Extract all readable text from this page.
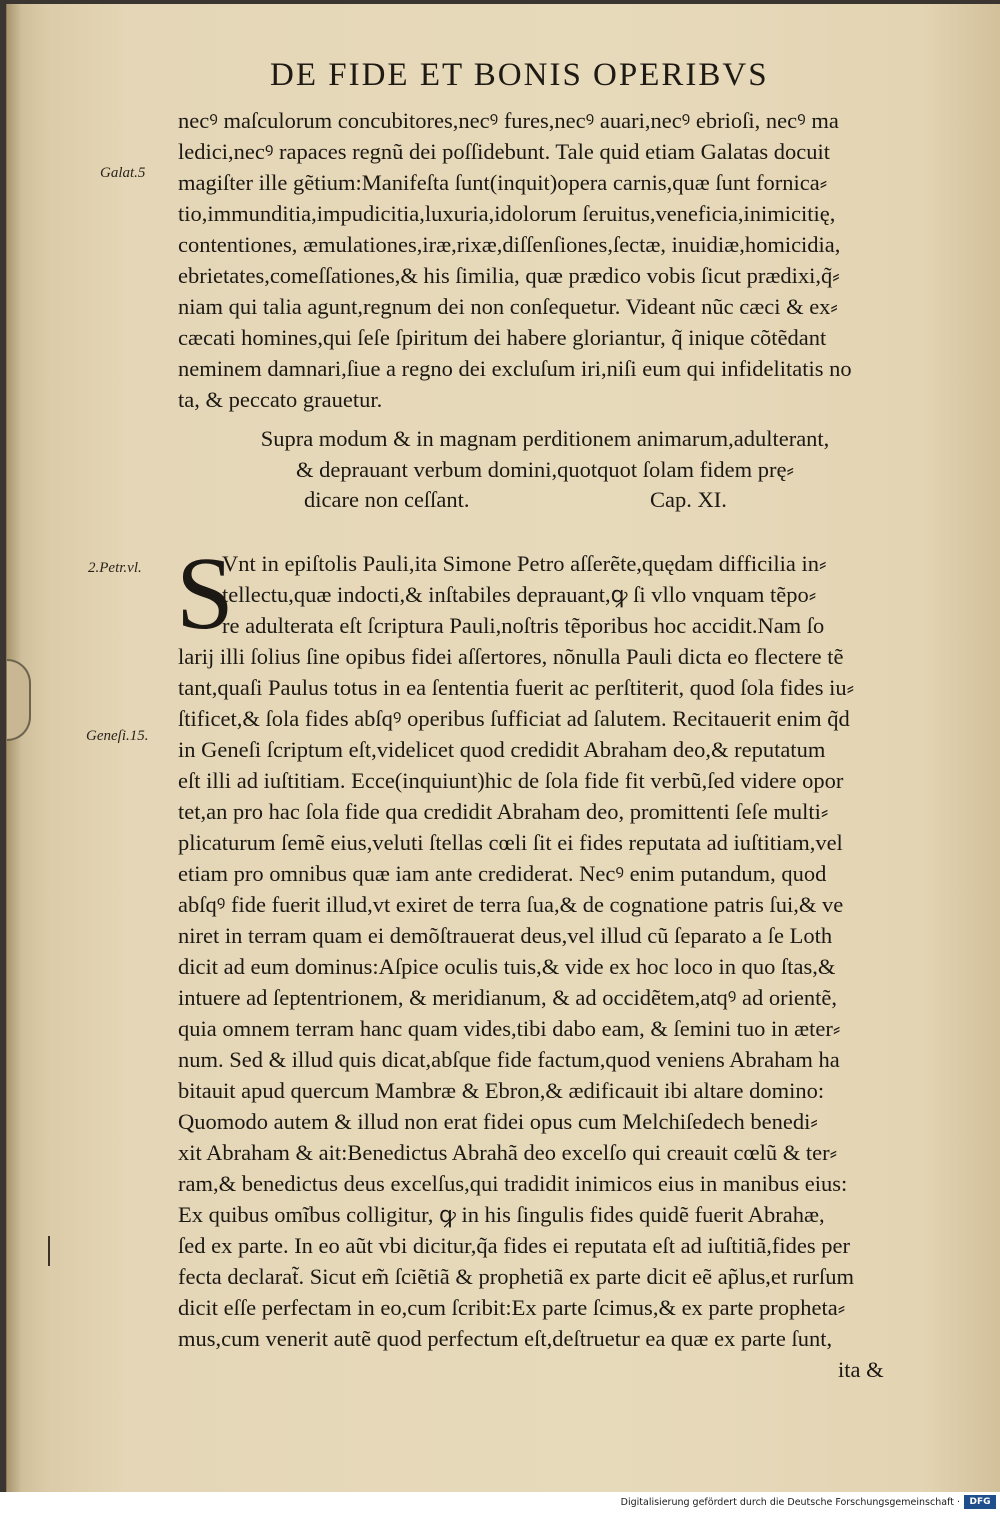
DE FIDE ET BONIS OPERIBVS
Galat.5
2.Petr.vl.
Geneſi.15.
necꝰ maſculorum concubitores,necꝰ fures,necꝰ auari,necꝰ ebrioſi, necꝰ ma
ledici,necꝰ rapaces regnũ dei poſſidebunt. Tale quid etiam Galatas docuit
magiſter ille gẽtium:Manifeſta ſunt(inquit)opera carnis,quæ ſunt fornica⸗
tio,immunditia,impudicitia,luxuria,idolorum ſeruitus,veneficia,inimicitię,
contentiones, æmulationes,iræ,rixæ,diſſenſiones,ſectæ, inuidiæ,homicidia,
ebrietates,comeſſationes,& his ſimilia, quæ prædico vobis ſicut prædixi,q̃⸗
niam qui talia agunt,regnum dei non conſequetur. Videant nũc cæci & ex⸗
cæcati homines,qui ſeſe ſpiritum dei habere gloriantur, q̃ inique cõtẽdant
neminem damnari,ſiue a regno dei excluſum iri,niſi eum qui infidelitatis no
ta, & peccato grauetur.
Supra modum & in magnam perditionem animarum,adulterant,
& deprauant verbum domini,quotquot ſolam fidem prę⸗
dicare non ceſſant.	Cap. XI.
S
Vnt in epiſtolis Pauli,ita Simone Petro aſſerẽte,quędam difficilia in⸗
tellectu,quæ indocti,& inſtabiles deprauant,ꝙ ſi vllo vnquam tẽpo⸗
re adulterata eſt ſcriptura Pauli,noſtris tẽporibus hoc accidit.Nam ſo
larij illi ſolius ſine opibus fidei aſſertores, nõnulla Pauli dicta eo flectere tẽ
tant,quaſi Paulus totus in ea ſententia fuerit ac perſtiterit, quod ſola fides iu⸗
ſtificet,& ſola fides abſqꝰ operibus ſufficiat ad ſalutem. Recitauerit enim q̃d
in Geneſi ſcriptum eſt,videlicet quod credidit Abraham deo,& reputatum
eſt illi ad iuſtitiam. Ecce(inquiunt)hic de ſola fide fit verbũ,ſed videre opor
tet,an pro hac ſola fide qua credidit Abraham deo, promittenti ſeſe multi⸗
plicaturum ſemẽ eius,veluti ſtellas cœli ſit ei fides reputata ad iuſtitiam,vel
etiam pro omnibus quæ iam ante crediderat. Necꝰ enim putandum, quod
abſqꝰ fide fuerit illud,vt exiret de terra ſua,& de cognatione patris ſui,& ve
niret in terram quam ei demõſtrauerat deus,vel illud cũ ſeparato a ſe Loth
dicit ad eum dominus:Aſpice oculis tuis,& vide ex hoc loco in quo ſtas,&
intuere ad ſeptentrionem, & meridianum, & ad occidẽtem,atqꝰ ad orientẽ,
quia omnem terram hanc quam vides,tibi dabo eam, & ſemini tuo in æter⸗
num. Sed & illud quis dicat,abſque fide factum,quod veniens Abraham ha
bitauit apud quercum Mambræ & Ebron,& ædificauit ibi altare domino:
Quomodo autem & illud non erat fidei opus cum Melchiſedech benedi⸗
xit Abraham & ait:Benedictus Abrahã deo excelſo qui creauit cœlũ & ter⸗
ram,& benedictus deus excelſus,qui tradidit inimicos eius in manibus eius:
Ex quibus omĩbus colligitur, ꝙ in his ſingulis fides quidẽ fuerit Abrahæ,
ſed ex parte. In eo aũt vbi dicitur,q̃a fides ei reputata eſt ad iuſtitiã,fides per
fecta declarat̃. Sicut em̃ ſciẽtiã & prophetiã ex parte dicit eẽ ap̃lus,et rurſum
dicit eſſe perfectam in eo,cum ſcribit:Ex parte ſcimus,& ex parte propheta⸗
mus,cum venerit autẽ quod perfectum eſt,deſtruetur ea quæ ex parte ſunt,
ita &
Digitalisierung gefördert durch die Deutsche Forschungsgemeinschaft ·	DFG
